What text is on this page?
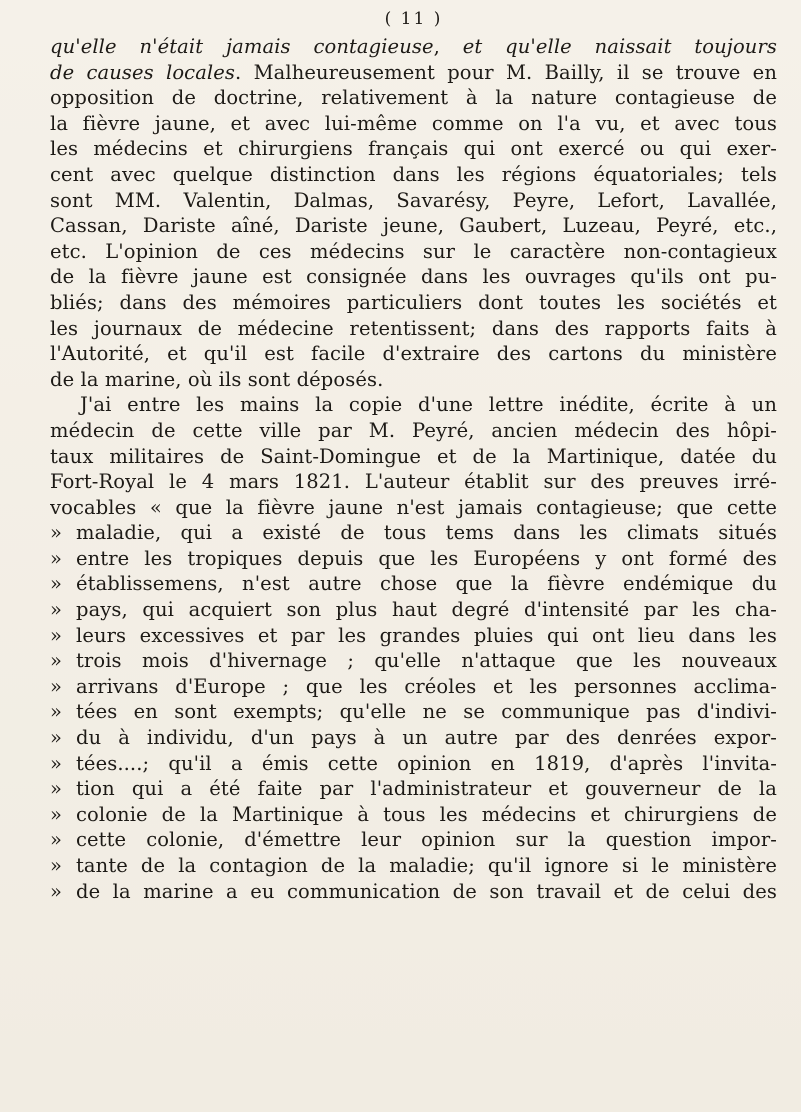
( 11 )
qu'elle n'était jamais contagieuse, et qu'elle naissait toujours
de causes locales. Malheureusement pour M. Bailly, il se trouve en
opposition de doctrine, relativement à la nature contagieuse de
la fièvre jaune, et avec lui-même comme on l'a vu, et avec tous
les médecins et chirurgiens français qui ont exercé ou qui exer-
cent avec quelque distinction dans les régions équatoriales; tels
sont MM. Valentin, Dalmas, Savarésy, Peyre, Lefort, Lavallée,
Cassan, Dariste aîné, Dariste jeune, Gaubert, Luzeau, Peyré, etc.,
etc. L'opinion de ces médecins sur le caractère non-contagieux
de la fièvre jaune est consignée dans les ouvrages qu'ils ont pu-
bliés; dans des mémoires particuliers dont toutes les sociétés et
les journaux de médecine retentissent; dans des rapports faits à
l'Autorité, et qu'il est facile d'extraire des cartons du ministère
de la marine, où ils sont déposés.
J'ai entre les mains la copie d'une lettre inédite, écrite à un
médecin de cette ville par M. Peyré, ancien médecin des hôpi-
taux militaires de Saint-Domingue et de la Martinique, datée du
Fort-Royal le 4 mars 1821. L'auteur établit sur des preuves irré-
vocables « que la fièvre jaune n'est jamais contagieuse; que cette
» maladie, qui a existé de tous tems dans les climats situés
» entre les tropiques depuis que les Européens y ont formé des
» établissemens, n'est autre chose que la fièvre endémique du
» pays, qui acquiert son plus haut degré d'intensité par les cha-
» leurs excessives et par les grandes pluies qui ont lieu dans les
» trois mois d'hivernage ; qu'elle n'attaque que les nouveaux
» arrivans d'Europe ; que les créoles et les personnes acclima-
» tées en sont exempts; qu'elle ne se communique pas d'indivi-
» du à individu, d'un pays à un autre par des denrées expor-
» tées....; qu'il a émis cette opinion en 1819, d'après l'invita-
» tion qui a été faite par l'administrateur et gouverneur de la
» colonie de la Martinique à tous les médecins et chirurgiens de
» cette colonie, d'émettre leur opinion sur la question impor-
» tante de la contagion de la maladie; qu'il ignore si le ministère
» de la marine a eu communication de son travail et de celui des
